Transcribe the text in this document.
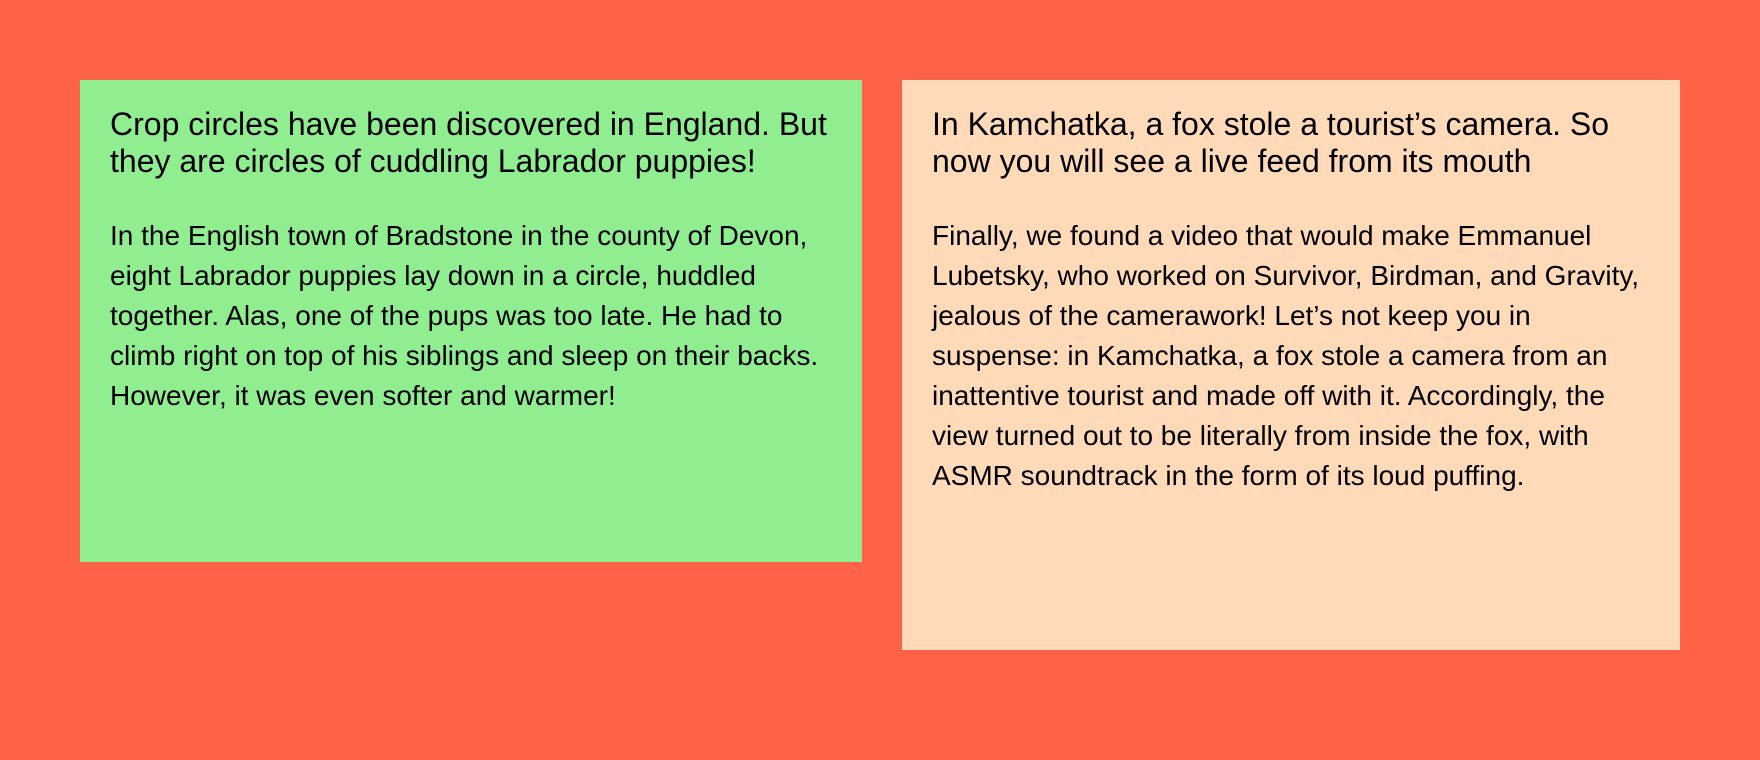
Crop circles have been discovered in England. But they are circles of cuddling Labrador puppies!

In the English town of Bradstone in the county of Devon, eight Labrador puppies lay down in a circle, huddled together. Alas, one of the pups was too late. He had to climb right on top of his siblings and sleep on their backs. However, it was even softer and warmer!

In Kamchatka, a fox stole a tourist’s camera. So now you will see a live feed from its mouth

Finally, we found a video that would make Emmanuel Lubetsky, who worked on Survivor, Birdman, and Gravity, jealous of the camerawork! Let’s not keep you in suspense: in Kamchatka, a fox stole a camera from an inattentive tourist and made off with it. Accordingly, the view turned out to be literally from inside the fox, with ASMR soundtrack in the form of its loud puffing.
